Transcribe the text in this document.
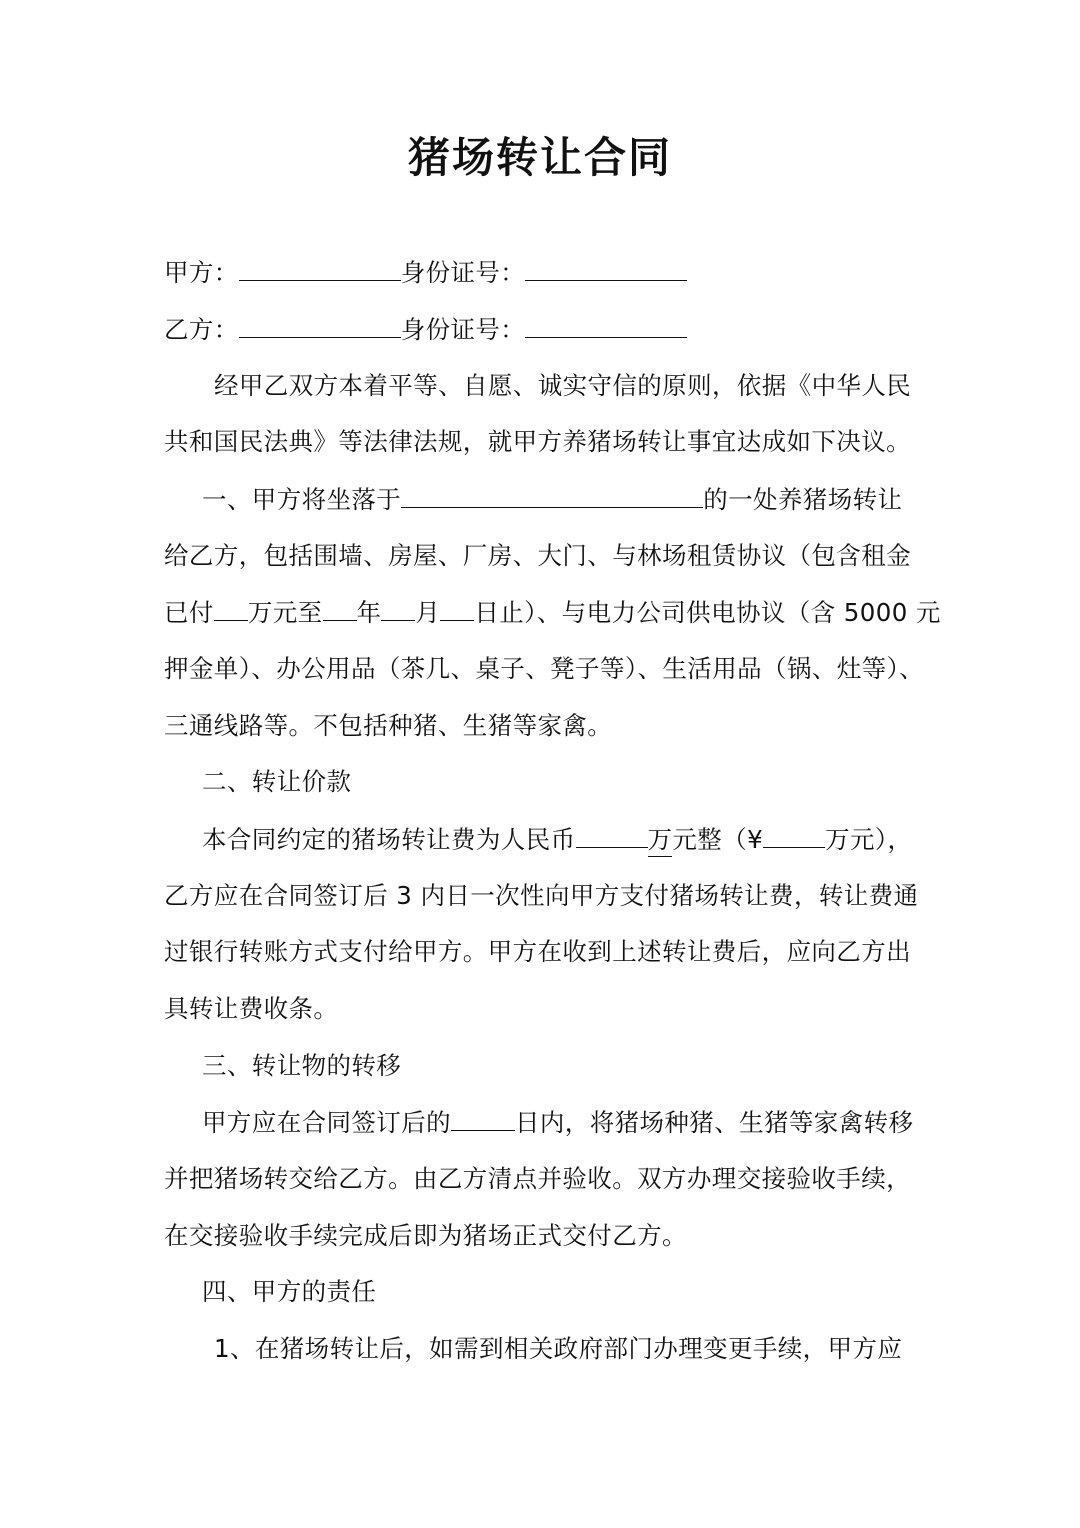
猪场转让合同
甲方：	身份证号：
乙方：	身份证号：
经甲乙双方本着平等、自愿、诚实守信的原则，依据《中华人民
共和国民法典》等法律法规，就甲方养猪场转让事宜达成如下决议。
一、甲方将坐落于	的一处养猪场转让
给乙方，包括围墙、房屋、厂房、大门、与林场租赁协议（包含租金
已付 万元至 年 月 日止）、与电力公司供电协议（含 5000 元
押金单）、办公用品（茶几、桌子、凳子等）、生活用品（锅、灶等）、
三通线路等。不包括种猪、生猪等家禽。
二、转让价款
本合同约定的猪场转让费为人民币	万元整（¥	万元），
乙方应在合同签订后 3 内日一次性向甲方支付猪场转让费，转让费通
过银行转账方式支付给甲方。甲方在收到上述转让费后，应向乙方出
具转让费收条。
三、转让物的转移
甲方应在合同签订后的	日内，将猪场种猪、生猪等家禽转移
并把猪场转交给乙方。由乙方清点并验收。双方办理交接验收手续，
在交接验收手续完成后即为猪场正式交付乙方。
四、甲方的责任
1、在猪场转让后，如需到相关政府部门办理变更手续，甲方应
